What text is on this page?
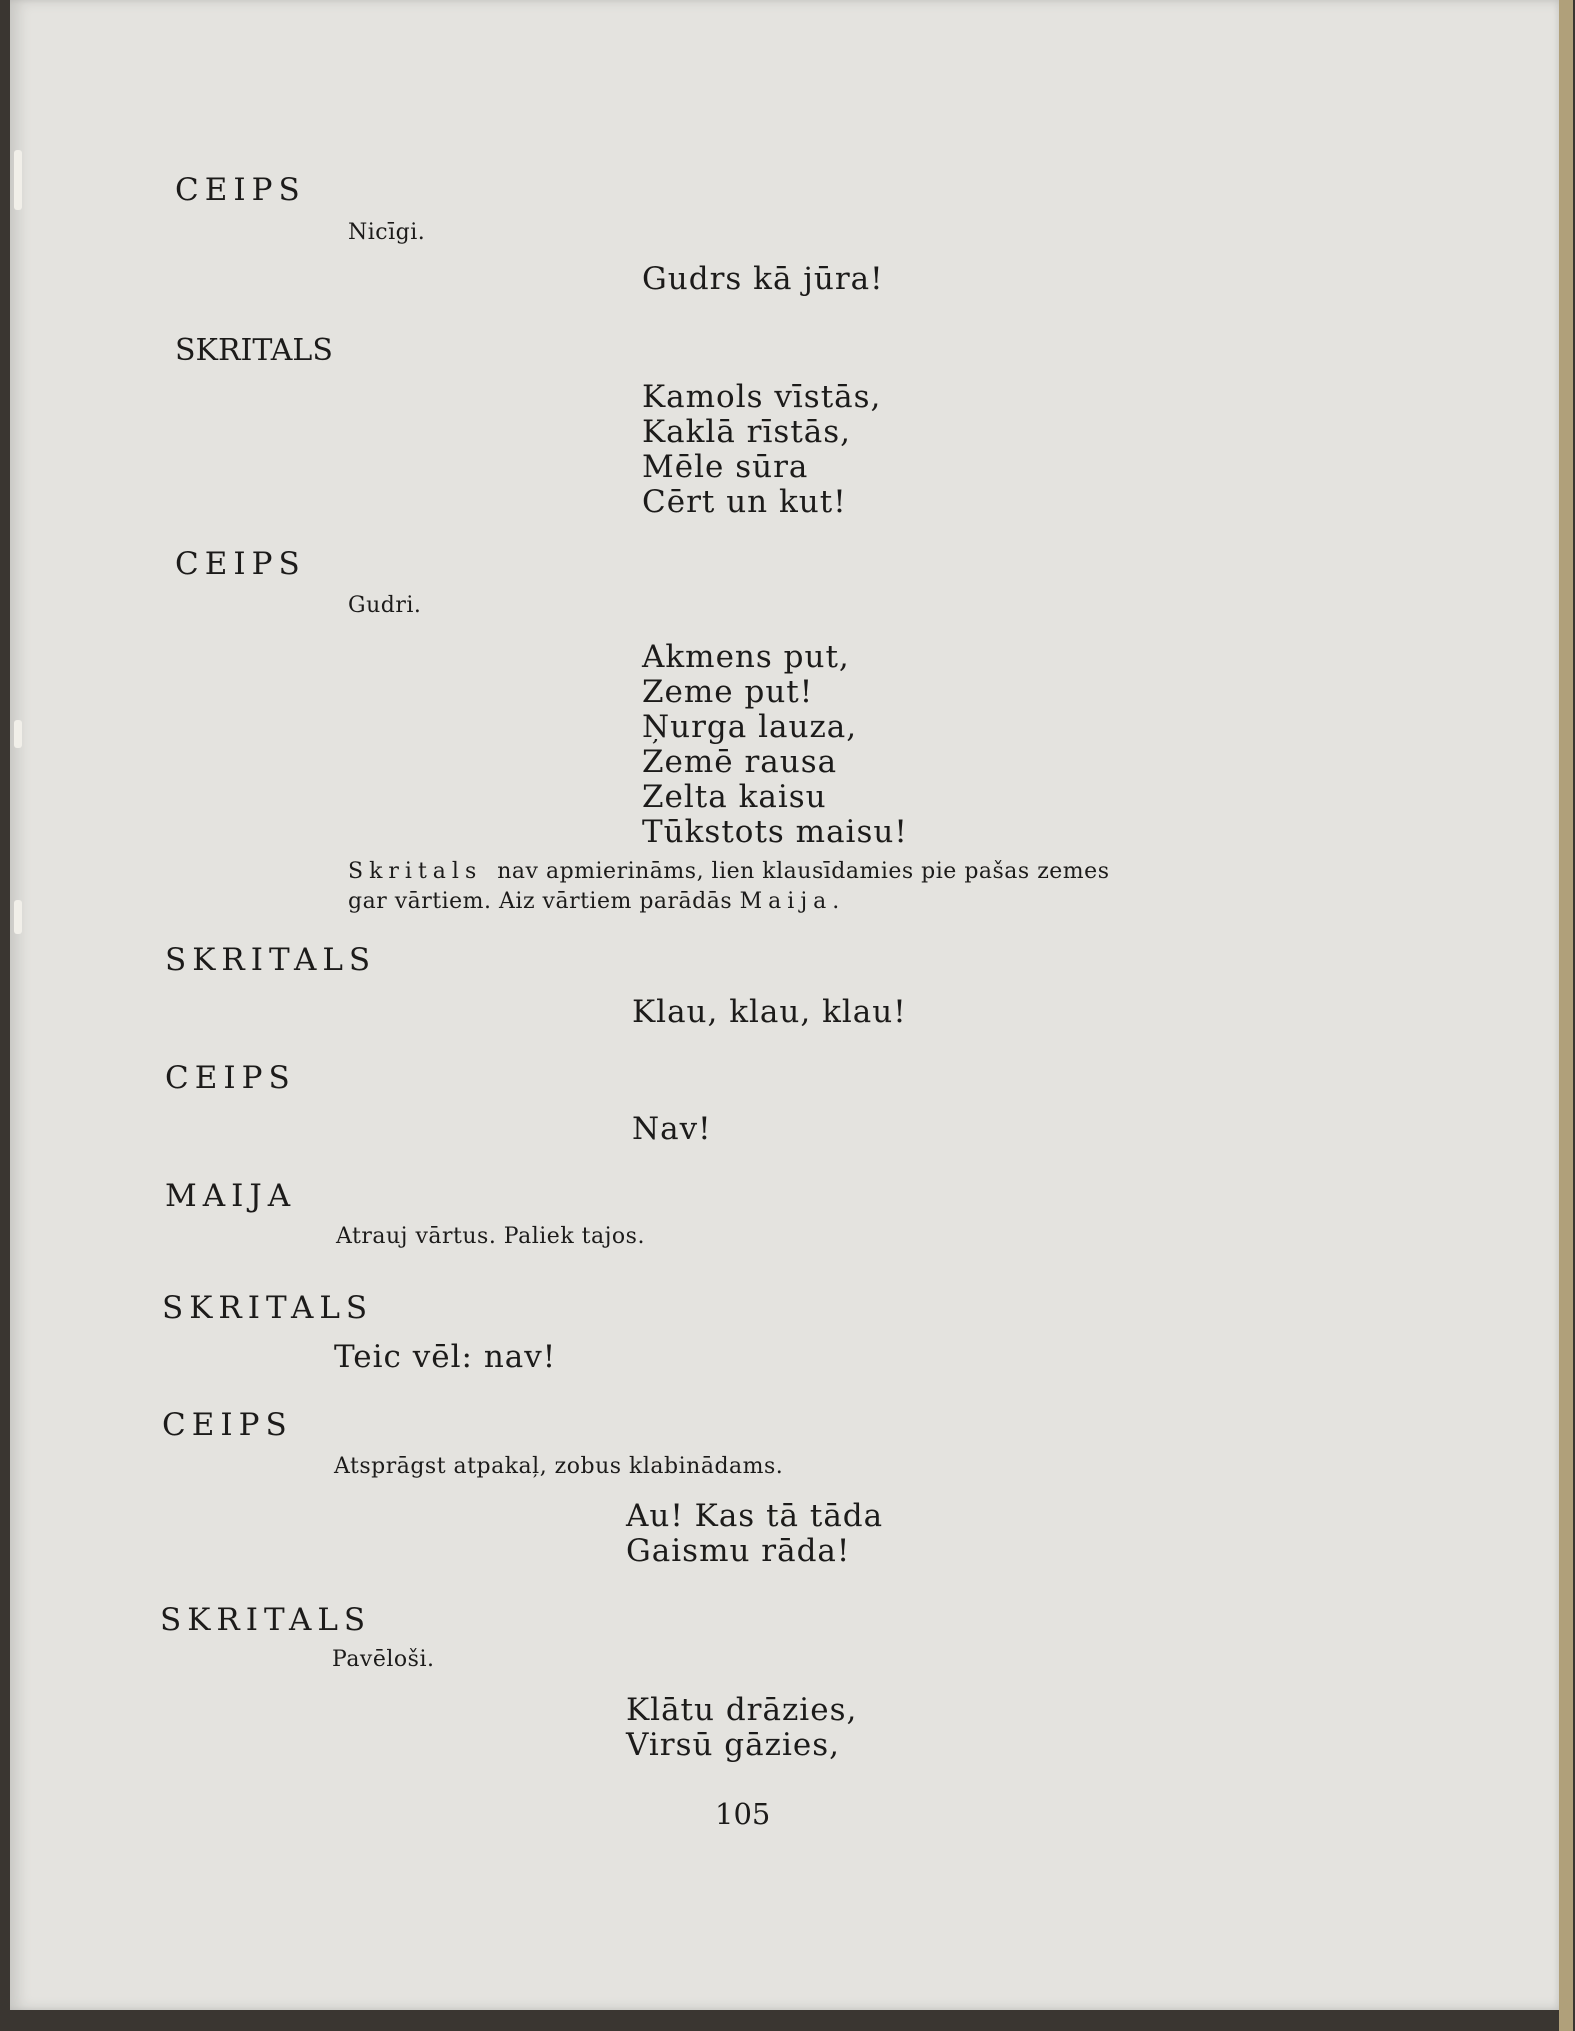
CEIPS

Nicīgi.

Gudrs kā jūra!

SKRITALS

Kamols vīstās,
Kaklā rīstās,
Mēle sūra
Cērt un kut!

CEIPS

Gudri.

Akmens put,
Zeme put!
Ņurga lauza,
Zemē rausa
Zelta kaisu
Tūkstots maisu!
Skritals nav apmierināms, lien klausīdamies pie pašas zemes
gar vārtiem. Aiz vārtiem parādās Maija.

SKRITALS

Klau, klau, klau!

CEIPS

Nav!

MAIJA

Atrauj vārtus. Paliek tajos.

SKRITALS

Teic vēl: nav!

CEIPS

Atsprāgst atpakaļ, zobus klabinādams.

Au! Kas tā tāda
Gaismu rāda!

SKRITALS

Pavēloši.

Klātu drāzies,
Virsū gāzies,

105
